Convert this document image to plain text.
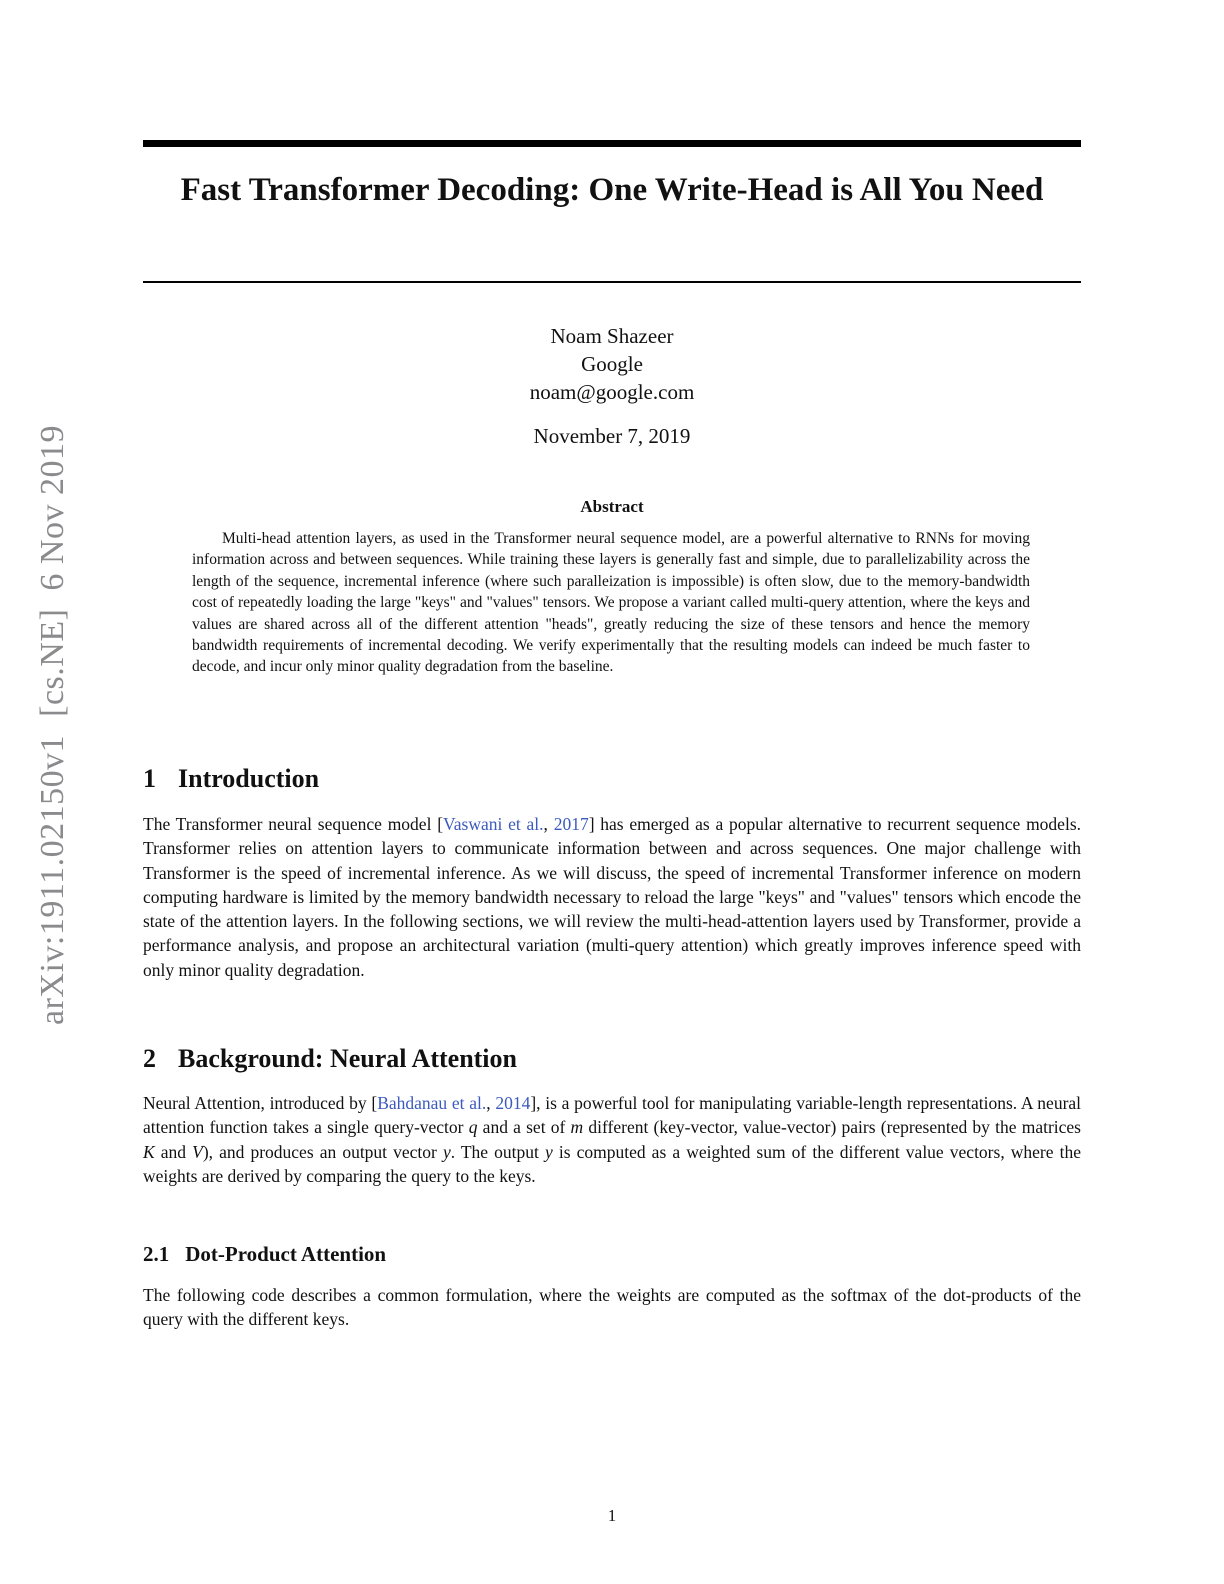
arXiv:1911.02150v1  [cs.NE]  6 Nov 2019
Fast Transformer Decoding: One Write-Head is All You Need
Noam Shazeer
Google
noam@google.com
November 7, 2019
Abstract
Multi-head attention layers, as used in the Transformer neural sequence model, are a powerful alternative to RNNs for moving information across and between sequences. While training these layers is generally fast and simple, due to parallelizability across the length of the sequence, incremental inference (where such paralleization is impossible) is often slow, due to the memory-bandwidth cost of repeatedly loading the large "keys" and "values" tensors. We propose a variant called multi-query attention, where the keys and values are shared across all of the different attention "heads", greatly reducing the size of these tensors and hence the memory bandwidth requirements of incremental decoding. We verify experimentally that the resulting models can indeed be much faster to decode, and incur only minor quality degradation from the baseline.
1 Introduction
The Transformer neural sequence model [Vaswani et al., 2017] has emerged as a popular alternative to recurrent sequence models. Transformer relies on attention layers to communicate information between and across sequences. One major challenge with Transformer is the speed of incremental inference. As we will discuss, the speed of incremental Transformer inference on modern computing hardware is limited by the memory bandwidth necessary to reload the large "keys" and "values" tensors which encode the state of the attention layers. In the following sections, we will review the multi-head-attention layers used by Transformer, provide a performance analysis, and propose an architectural variation (multi-query attention) which greatly improves inference speed with only minor quality degradation.
2 Background: Neural Attention
Neural Attention, introduced by [Bahdanau et al., 2014], is a powerful tool for manipulating variable-length representations. A neural attention function takes a single query-vector q and a set of m different (key-vector, value-vector) pairs (represented by the matrices K and V), and produces an output vector y. The output y is computed as a weighted sum of the different value vectors, where the weights are derived by comparing the query to the keys.
2.1 Dot-Product Attention
The following code describes a common formulation, where the weights are computed as the softmax of the dot-products of the query with the different keys.
1
